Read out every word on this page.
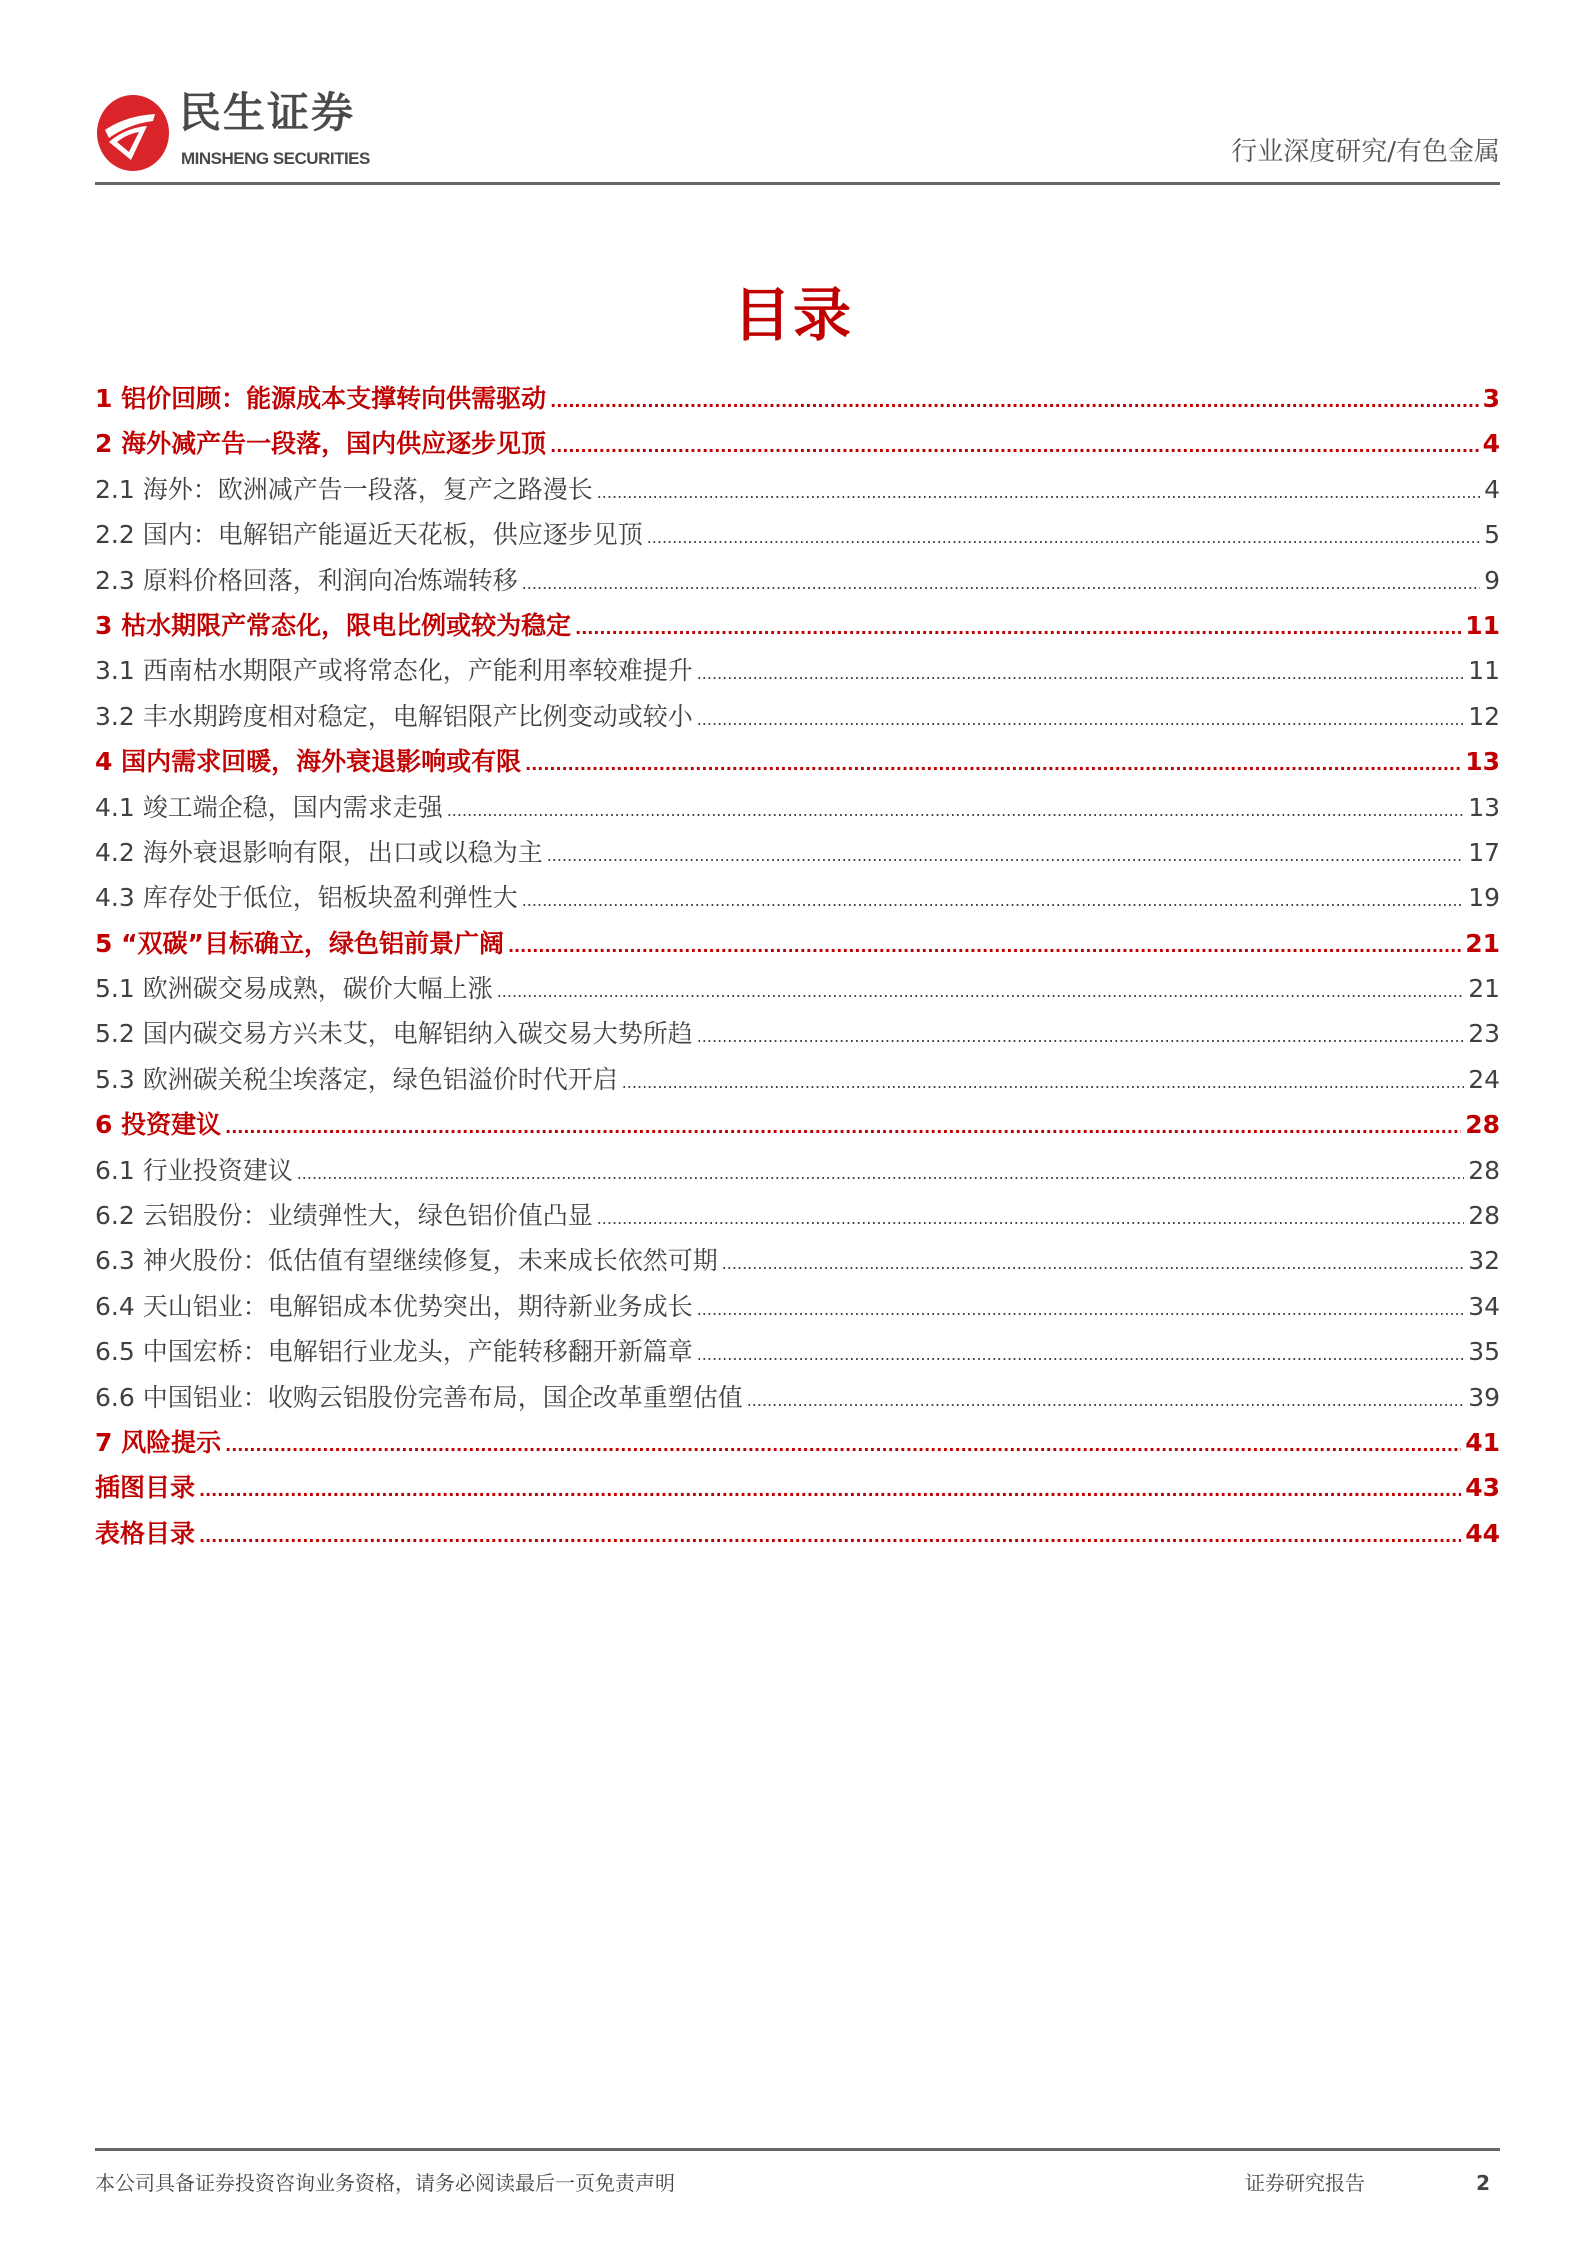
民生证券
MINSHENG SECURITIES	行业深度研究/有色金属
目录
1 铝价回顾：能源成本支撑转向供需驱动 .....	3
2 海外减产告一段落，国内供应逐步见顶 .....	4
2.1 海外：欧洲减产告一段落，复产之路漫长 .....	4
2.2 国内：电解铝产能逼近天花板，供应逐步见顶 .....	5
2.3 原料价格回落，利润向冶炼端转移 .....	9
3 枯水期限产常态化，限电比例或较为稳定 .....	11
3.1 西南枯水期限产或将常态化，产能利用率较难提升 .....	11
3.2 丰水期跨度相对稳定，电解铝限产比例变动或较小 .....	12
4 国内需求回暖，海外衰退影响或有限 .....	13
4.1 竣工端企稳，国内需求走强 .....	13
4.2 海外衰退影响有限，出口或以稳为主 .....	17
4.3 库存处于低位，铝板块盈利弹性大 .....	19
5 “双碳”目标确立，绿色铝前景广阔 .....	21
5.1 欧洲碳交易成熟，碳价大幅上涨 .....	21
5.2 国内碳交易方兴未艾，电解铝纳入碳交易大势所趋 .....	23
5.3 欧洲碳关税尘埃落定，绿色铝溢价时代开启 .....	24
6 投资建议 .....	28
6.1 行业投资建议 .....	28
6.2 云铝股份：业绩弹性大，绿色铝价值凸显 .....	28
6.3 神火股份：低估值有望继续修复，未来成长依然可期 .....	32
6.4 天山铝业：电解铝成本优势突出，期待新业务成长 .....	34
6.5 中国宏桥：电解铝行业龙头，产能转移翻开新篇章 .....	35
6.6 中国铝业：收购云铝股份完善布局，国企改革重塑估值 .....	39
7 风险提示 .....	41
插图目录 .....	43
表格目录 .....	44
本公司具备证券投资咨询业务资格，请务必阅读最后一页免责声明	证券研究报告	2
